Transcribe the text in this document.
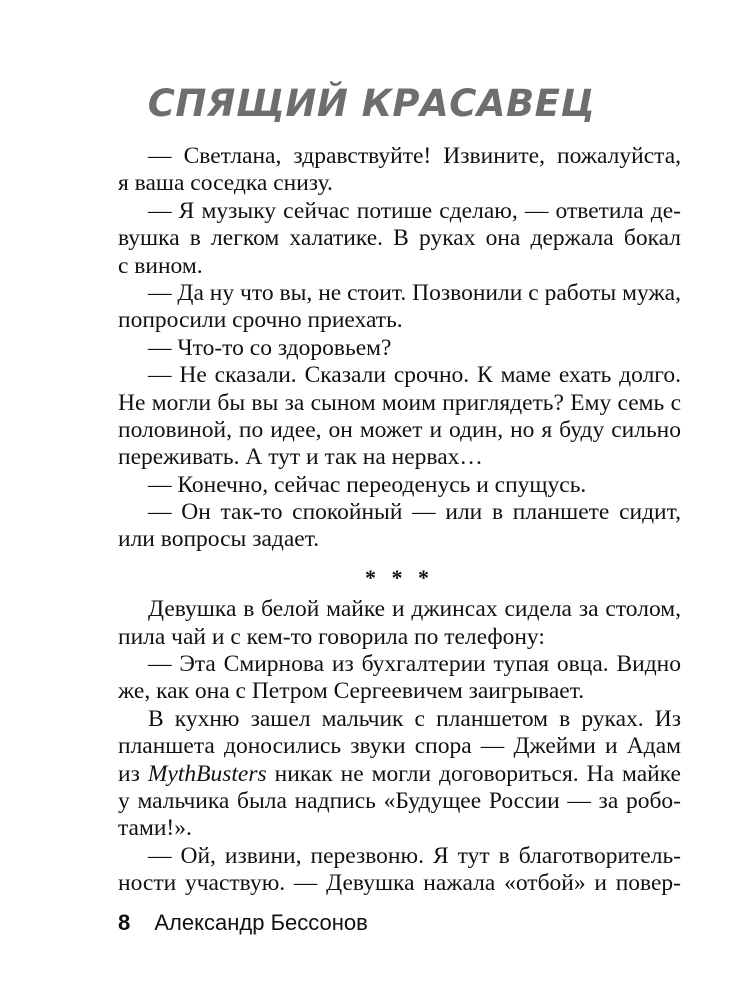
СПЯЩИЙ КРАСАВЕЦ
— Светлана, здравствуйте! Извините, пожалуйста,
я ваша соседка снизу.
— Я музыку сейчас потише сделаю, — ответила де-
вушка в легком халатике. В руках она держала бокал
с вином.
— Да ну что вы, не стоит. Позвонили с работы мужа,
попросили срочно приехать.
— Что-то со здоровьем?
— Не сказали. Сказали срочно. К маме ехать долго.
Не могли бы вы за сыном моим приглядеть? Ему семь с
половиной, по идее, он может и один, но я буду сильно
переживать. А тут и так на нервах…
— Конечно, сейчас переоденусь и спущусь.
— Он так-то спокойный — или в планшете сидит,
или вопросы задает.
* * *
Девушка в белой майке и джинсах сидела за столом,
пила чай и с кем-то говорила по телефону:
— Эта Смирнова из бухгалтерии тупая овца. Видно
же, как она с Петром Сергеевичем заигрывает.
В кухню зашел мальчик с планшетом в руках. Из
планшета доносились звуки спора — Джейми и Адам
из MythBusters никак не могли договориться. На майке
у мальчика была надпись «Будущее России — за робо-
тами!».
— Ой, извини, перезвоню. Я тут в благотворитель-
ности участвую. — Девушка нажала «отбой» и повер-
8 Александр Бессонов
